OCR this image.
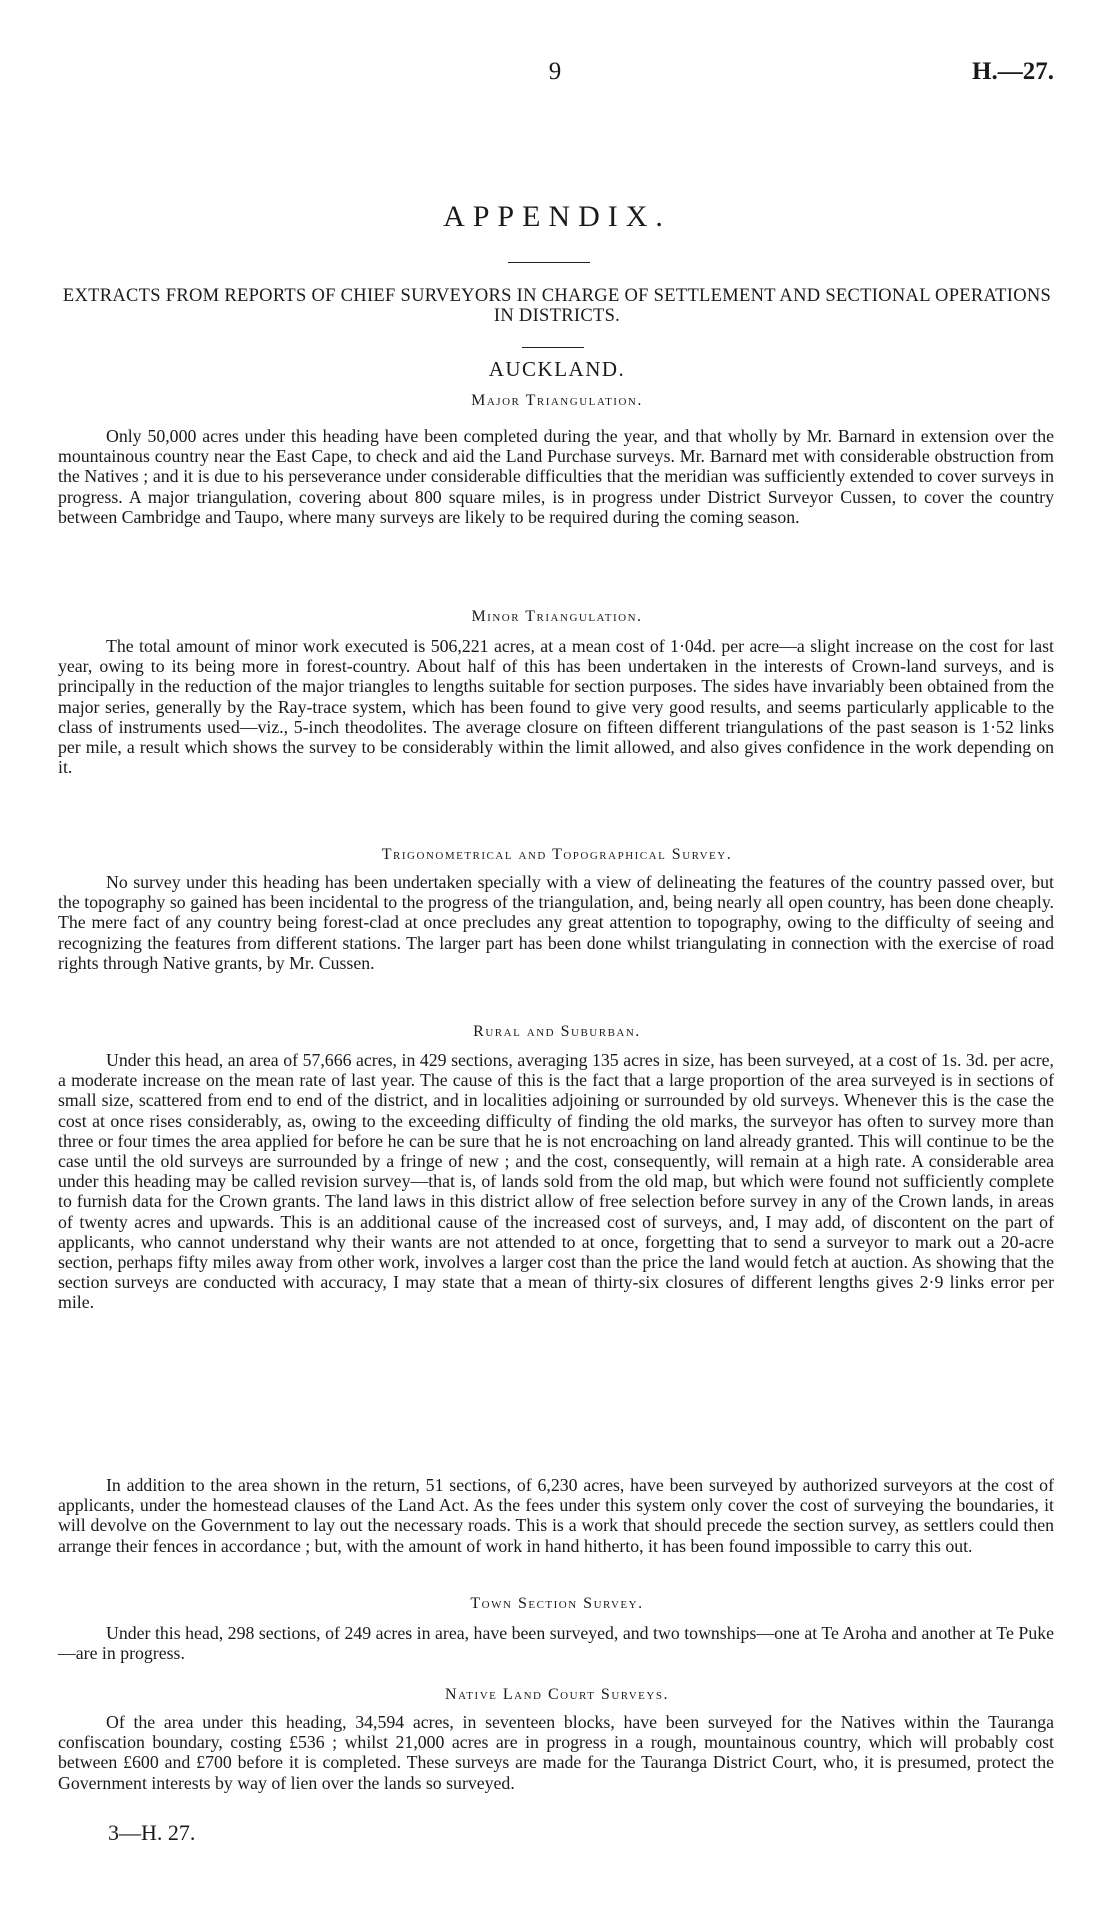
9	H.—27.
APPENDIX.
EXTRACTS FROM REPORTS OF CHIEF SURVEYORS IN CHARGE OF SETTLEMENT AND SECTIONAL OPERATIONS IN DISTRICTS.
AUCKLAND.
Major Triangulation.

Only 50,000 acres under this heading have been completed during the year, and that wholly by Mr. Barnard in extension over the mountainous country near the East Cape, to check and aid the Land Purchase surveys. Mr. Barnard met with considerable obstruction from the Natives ; and it is due to his perseverance under considerable difficulties that the meridian was sufficiently extended to cover surveys in progress. A major triangulation, covering about 800 square miles, is in progress under District Surveyor Cussen, to cover the country between Cambridge and Taupo, where many surveys are likely to be required during the coming season.

Minor Triangulation.

The total amount of minor work executed is 506,221 acres, at a mean cost of 1·04d. per acre—a slight increase on the cost for last year, owing to its being more in forest-country. About half of this has been undertaken in the interests of Crown-land surveys, and is principally in the reduction of the major triangles to lengths suitable for section purposes. The sides have invariably been obtained from the major series, generally by the Ray-trace system, which has been found to give very good results, and seems particularly applicable to the class of instruments used—viz., 5-inch theodolites. The average closure on fifteen different triangulations of the past season is 1·52 links per mile, a result which shows the survey to be considerably within the limit allowed, and also gives confidence in the work depending on it.

Trigonometrical and Topographical Survey.

No survey under this heading has been undertaken specially with a view of delineating the features of the country passed over, but the topography so gained has been incidental to the progress of the triangulation, and, being nearly all open country, has been done cheaply. The mere fact of any country being forest-clad at once precludes any great attention to topography, owing to the difficulty of seeing and recognizing the features from different stations. The larger part has been done whilst triangulating in connection with the exercise of road rights through Native grants, by Mr. Cussen.

Rural and Suburban.

Under this head, an area of 57,666 acres, in 429 sections, averaging 135 acres in size, has been surveyed, at a cost of 1s. 3d. per acre, a moderate increase on the mean rate of last year. The cause of this is the fact that a large proportion of the area surveyed is in sections of small size, scattered from end to end of the district, and in localities adjoining or surrounded by old surveys. Whenever this is the case the cost at once rises considerably, as, owing to the exceeding difficulty of finding the old marks, the surveyor has often to survey more than three or four times the area applied for before he can be sure that he is not encroaching on land already granted. This will continue to be the case until the old surveys are surrounded by a fringe of new ; and the cost, consequently, will remain at a high rate. A considerable area under this heading may be called revision survey—that is, of lands sold from the old map, but which were found not sufficiently complete to furnish data for the Crown grants. The land laws in this district allow of free selection before survey in any of the Crown lands, in areas of twenty acres and upwards. This is an additional cause of the increased cost of surveys, and, I may add, of discontent on the part of applicants, who cannot understand why their wants are not attended to at once, forgetting that to send a surveyor to mark out a 20-acre section, perhaps fifty miles away from other work, involves a larger cost than the price the land would fetch at auction. As showing that the section surveys are conducted with accuracy, I may state that a mean of thirty-six closures of different lengths gives 2·9 links error per mile.

In addition to the area shown in the return, 51 sections, of 6,230 acres, have been surveyed by authorized surveyors at the cost of applicants, under the homestead clauses of the Land Act. As the fees under this system only cover the cost of surveying the boundaries, it will devolve on the Government to lay out the necessary roads. This is a work that should precede the section survey, as settlers could then arrange their fences in accordance ; but, with the amount of work in hand hitherto, it has been found impossible to carry this out.

Town Section Survey.

Under this head, 298 sections, of 249 acres in area, have been surveyed, and two townships—one at Te Aroha and another at Te Puke—are in progress.

Native Land Court Surveys.

Of the area under this heading, 34,594 acres, in seventeen blocks, have been surveyed for the Natives within the Tauranga confiscation boundary, costing £536 ; whilst 21,000 acres are in progress in a rough, mountainous country, which will probably cost between £600 and £700 before it is completed. These surveys are made for the Tauranga District Court, who, it is presumed, protect the Government interests by way of lien over the lands so surveyed.

3—H. 27.
